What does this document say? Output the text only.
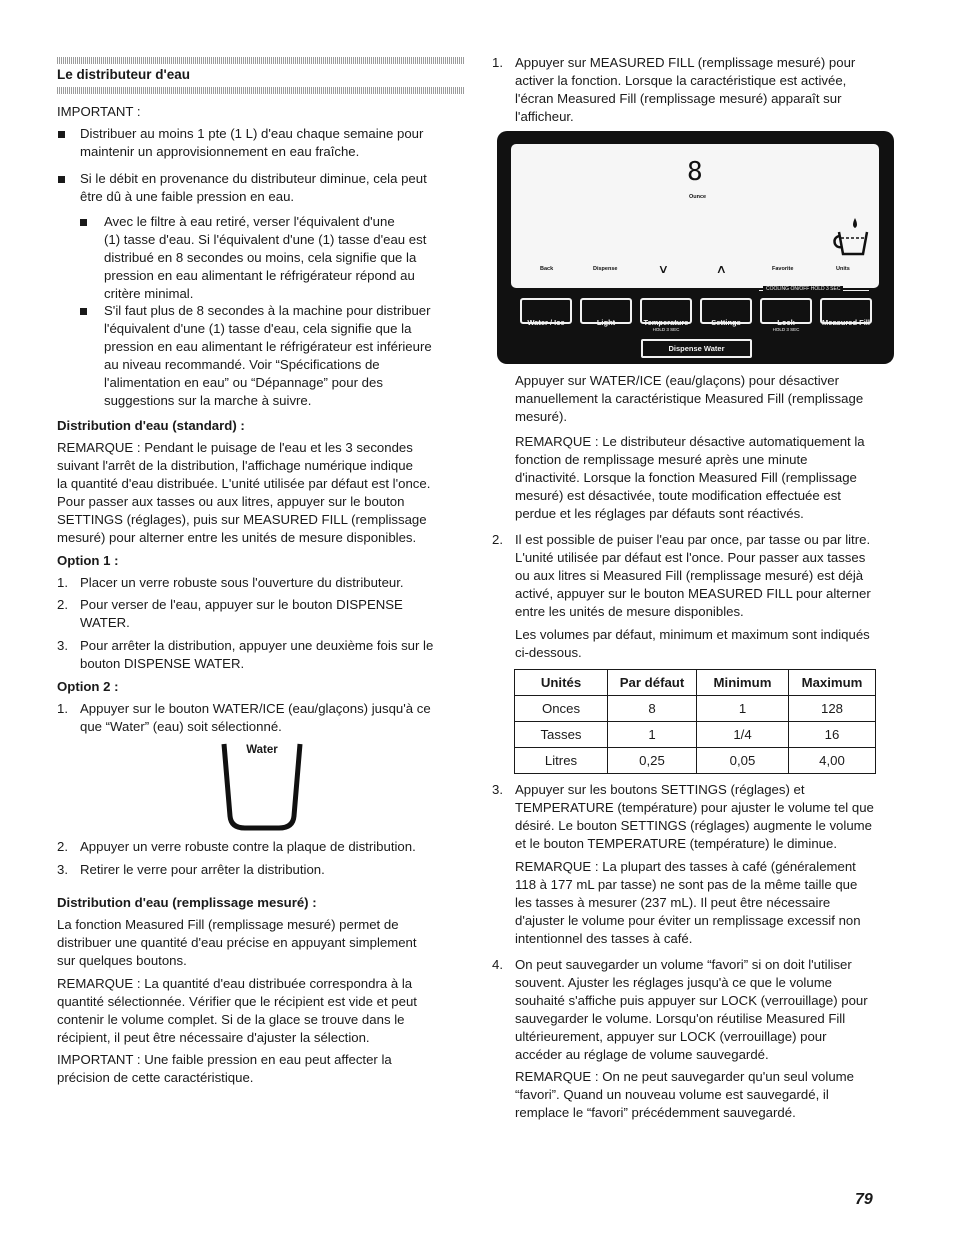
Le distributeur d'eau

IMPORTANT :

Distribuer au moins 1 pte (1 L) d'eau chaque semaine pour
maintenir un approvisionnement en eau fraîche.
Si le débit en provenance du distributeur diminue, cela peut
être dû à une faible pression en eau.
Avec le filtre à eau retiré, verser l'équivalent d'une
(1) tasse d'eau. Si l'équivalent d'une (1) tasse d'eau est
distribué en 8 secondes ou moins, cela signifie que la
pression en eau alimentant le réfrigérateur répond au
critère minimal.
S'il faut plus de 8 secondes à la machine pour distribuer
l'équivalent d'une (1) tasse d'eau, cela signifie que la
pression en eau alimentant le réfrigérateur est inférieure
au niveau recommandé. Voir “Spécifications de
l'alimentation en eau” ou “Dépannage” pour des
suggestions sur la marche à suivre.

Distribution d'eau (standard) :

REMARQUE : Pendant le puisage de l'eau et les 3 secondes
suivant l'arrêt de la distribution, l'affichage numérique indique
la quantité d'eau distribuée. L'unité utilisée par défaut est l'once.
Pour passer aux tasses ou aux litres, appuyer sur le bouton
SETTINGS (réglages), puis sur MEASURED FILL (remplissage
mesuré) pour alterner entre les unités de mesure disponibles.

Option 1 :

1. Placer un verre robuste sous l'ouverture du distributeur.

2. Pour verser de l'eau, appuyer sur le bouton DISPENSE
WATER.

3. Pour arrêter la distribution, appuyer une deuxième fois sur le
bouton DISPENSE WATER.

Option 2 :

1. Appuyer sur le bouton WATER/ICE (eau/glaçons) jusqu'à ce
que “Water” (eau) soit sélectionné.
Water

2. Appuyer un verre robuste contre la plaque de distribution.

3. Retirer le verre pour arrêter la distribution.

Distribution d'eau (remplissage mesuré) :

La fonction Measured Fill (remplissage mesuré) permet de
distribuer une quantité d'eau précise en appuyant simplement
sur quelques boutons.
REMARQUE : La quantité d'eau distribuée correspondra à la
quantité sélectionnée. Vérifier que le récipient est vide et peut
contenir le volume complet. Si de la glace se trouve dans le
récipient, il peut être nécessaire d'ajuster la sélection.
IMPORTANT : Une faible pression en eau peut affecter la
précision de cette caractéristique.

1. Appuyer sur MEASURED FILL (remplissage mesuré) pour
activer la fonction. Lorsque la caractéristique est activée,
l'écran Measured Fill (remplissage mesuré) apparaît sur
l'afficheur.
Appuyer sur WATER/ICE (eau/glaçons) pour désactiver
manuellement la caractéristique Measured Fill (remplissage
mesuré).
REMARQUE : Le distributeur désactive automatiquement la
fonction de remplissage mesuré après une minute
d'inactivité. Lorsque la fonction Measured Fill (remplissage
mesuré) est désactivée, toute modification effectuée est
perdue et les réglages par défauts sont réactivés.

2. Il est possible de puiser l'eau par once, par tasse ou par litre.
L'unité utilisée par défaut est l'once. Pour passer aux tasses
ou aux litres si Measured Fill (remplissage mesuré) est déjà
activé, appuyer sur le bouton MEASURED FILL pour alterner
entre les unités de mesure disponibles.
Les volumes par défaut, minimum et maximum sont indiqués
ci-dessous.

3. Appuyer sur les boutons SETTINGS (réglages) et
TEMPERATURE (température) pour ajuster le volume tel que
désiré. Le bouton SETTINGS (réglages) augmente le volume
et le bouton TEMPERATURE (température) le diminue.
REMARQUE : La plupart des tasses à café (généralement
118 à 177 mL par tasse) ne sont pas de la même taille que
les tasses à mesurer (237 mL). Il peut être nécessaire
d'ajuster le volume pour éviter un remplissage excessif non
intentionnel des tasses à café.

4. On peut sauvegarder un volume “favori” si on doit l'utiliser
souvent. Ajuster les réglages jusqu'à ce que le volume
souhaité s'affiche puis appuyer sur LOCK (verrouillage) pour
sauvegarder le volume. Lorsqu'on réutilise Measured Fill
ultérieurement, appuyer sur LOCK (verrouillage) pour
accéder au réglage de volume sauvegardé.
REMARQUE : On ne peut sauvegarder qu'un seul volume
“favori”. Quand un nouveau volume est sauvegardé, il
remplace le “favori” précédemment sauvegardé.
Unités	Par défaut	Minimum	Maximum
Onces	8	1	128
Tasses	1	1/4	16
Litres	0,25	0,05	4,00
8
Ounce
Back	Dispense	∨	∧	Favorite	Units
COOLING ON/OFF HOLD 3 SEC
Water / Ice	Light	Temperature
HOLD 3 SEC
Settings	Lock
HOLD 3 SEC
Measured Fill
Dispense Water
79
